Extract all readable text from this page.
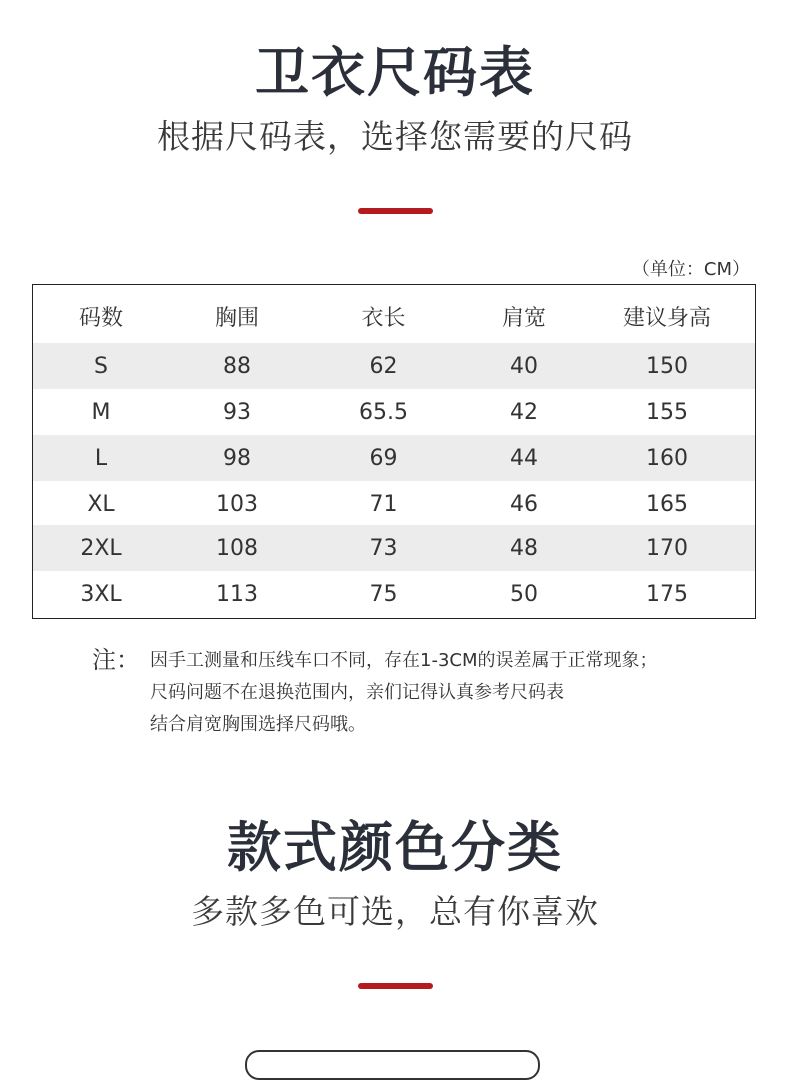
卫衣尺码表
根据尺码表，选择您需要的尺码
（单位：CM）
码数	胸围	衣长	肩宽	建议身高
S	88	62	40	150
M	93	65.5	42	155
L	98	69	44	160
XL	103	71	46	165
2XL	108	73	48	170
3XL	113	75	50	175
注： 因手工测量和压线车口不同，存在1-3CM的误差属于正常现象；
尺码问题不在退换范围内，亲们记得认真参考尺码表
结合肩宽胸围选择尺码哦。
款式颜色分类
多款多色可选，总有你喜欢
